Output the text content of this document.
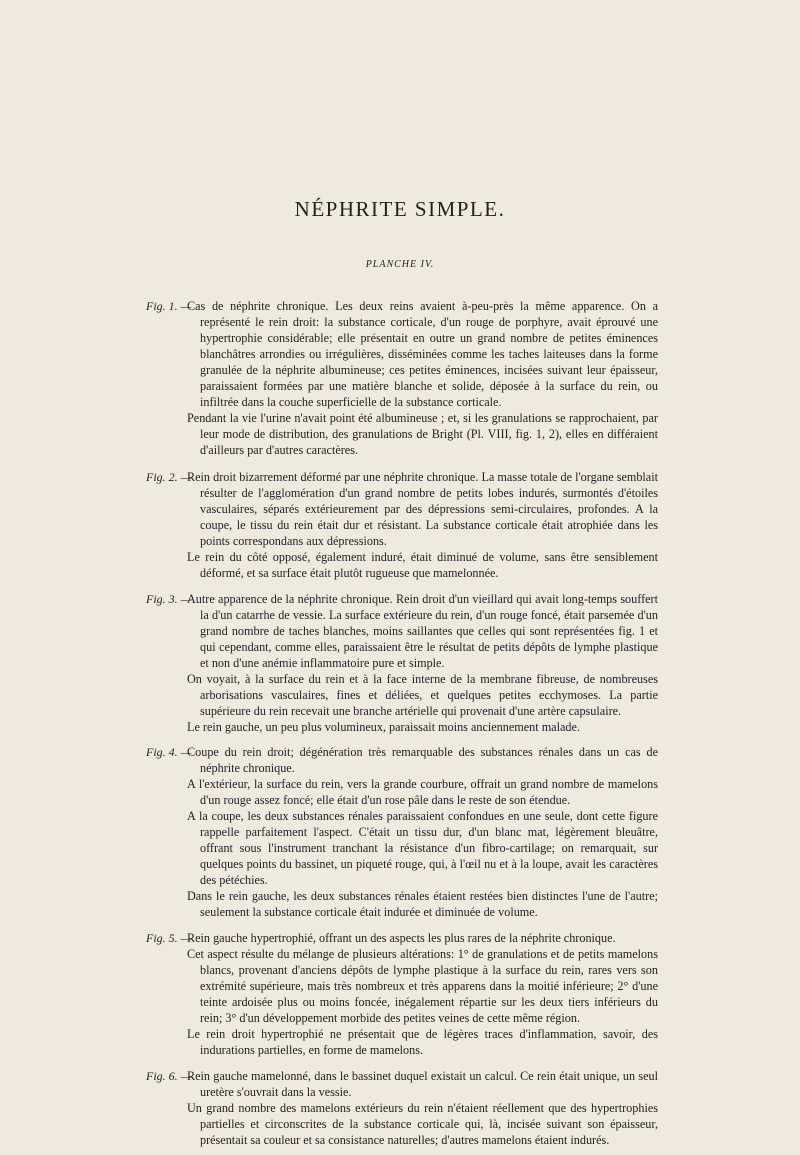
NÉPHRITE SIMPLE.
PLANCHE IV.
Fig. 1. —

Cas de néphrite chronique. Les deux reins avaient à-peu-près la même apparence. On a représenté le rein droit: la substance corticale, d'un rouge de porphyre, avait éprouvé une hypertrophie considérable; elle présentait en outre un grand nombre de petites éminences blanchâtres arrondies ou irrégulières, disséminées comme les taches laiteuses dans la forme granulée de la néphrite albumineuse; ces petites éminences, incisées suivant leur épaisseur, paraissaient formées par une matière blanche et solide, déposée à la surface du rein, ou infiltrée dans la couche superficielle de la substance corticale.

Pendant la vie l'urine n'avait point été albumineuse ; et, si les granulations se rapprochaient, par leur mode de distribution, des granulations de Bright (Pl. VIII, fig. 1, 2), elles en différaient d'ailleurs par d'autres caractères.

Fig. 2. —

Rein droit bizarrement déformé par une néphrite chronique. La masse totale de l'organe semblait résulter de l'agglomération d'un grand nombre de petits lobes indurés, surmontés d'étoiles vasculaires, séparés extérieurement par des dépressions semi-circulaires, profondes. A la coupe, le tissu du rein était dur et résistant. La substance corticale était atrophiée dans les points correspondans aux dépressions.

Le rein du côté opposé, également induré, était diminué de volume, sans être sensiblement déformé, et sa surface était plutôt rugueuse que mamelonnée.

Fig. 3. —

Autre apparence de la néphrite chronique. Rein droit d'un vieillard qui avait long-temps souffert la d'un catarrhe de vessie. La surface extérieure du rein, d'un rouge foncé, était parsemée d'un grand nombre de taches blanches, moins saillantes que celles qui sont représentées fig. 1 et qui cependant, comme elles, paraissaient être le résultat de petits dépôts de lymphe plastique et non d'une anémie inflammatoire pure et simple.

On voyait, à la surface du rein et à la face interne de la membrane fibreuse, de nombreuses arborisations vasculaires, fines et déliées, et quelques petites ecchymoses. La partie supérieure du rein recevait une branche artérielle qui provenait d'une artère capsulaire.

Le rein gauche, un peu plus volumineux, paraissait moins anciennement malade.

Fig. 4. —

Coupe du rein droit; dégénération très remarquable des substances rénales dans un cas de néphrite chronique.

A l'extérieur, la surface du rein, vers la grande courbure, offrait un grand nombre de mamelons d'un rouge assez foncé; elle était d'un rose pâle dans le reste de son étendue.

A la coupe, les deux substances rénales paraissaient confondues en une seule, dont cette figure rappelle parfaitement l'aspect. C'était un tissu dur, d'un blanc mat, légèrement bleuâtre, offrant sous l'instrument tranchant la résistance d'un fibro-cartilage; on remarquait, sur quelques points du bassinet, un piqueté rouge, qui, à l'œil nu et à la loupe, avait les caractères des pétéchies.

Dans le rein gauche, les deux substances rénales étaient restées bien distinctes l'une de l'autre; seulement la substance corticale était indurée et diminuée de volume.

Fig. 5. —

Rein gauche hypertrophié, offrant un des aspects les plus rares de la néphrite chronique.

Cet aspect résulte du mélange de plusieurs altérations: 1° de granulations et de petits mamelons blancs, provenant d'anciens dépôts de lymphe plastique à la surface du rein, rares vers son extrémité supérieure, mais très nombreux et très apparens dans la moitié inférieure; 2° d'une teinte ardoisée plus ou moins foncée, inégalement répartie sur les deux tiers inférieurs du rein; 3° d'un développement morbide des petites veines de cette même région.

Le rein droit hypertrophié ne présentait que de légères traces d'inflammation, savoir, des indurations partielles, en forme de mamelons.

Fig. 6. —

Rein gauche mamelonné, dans le bassinet duquel existait un calcul. Ce rein était unique, un seul uretère s'ouvrait dans la vessie.

Un grand nombre des mamelons extérieurs du rein n'étaient réellement que des hypertrophies partielles et circonscrites de la substance corticale qui, là, incisée suivant son épaisseur, présentait sa couleur et sa consistance naturelles; d'autres mamelons étaient indurés.
